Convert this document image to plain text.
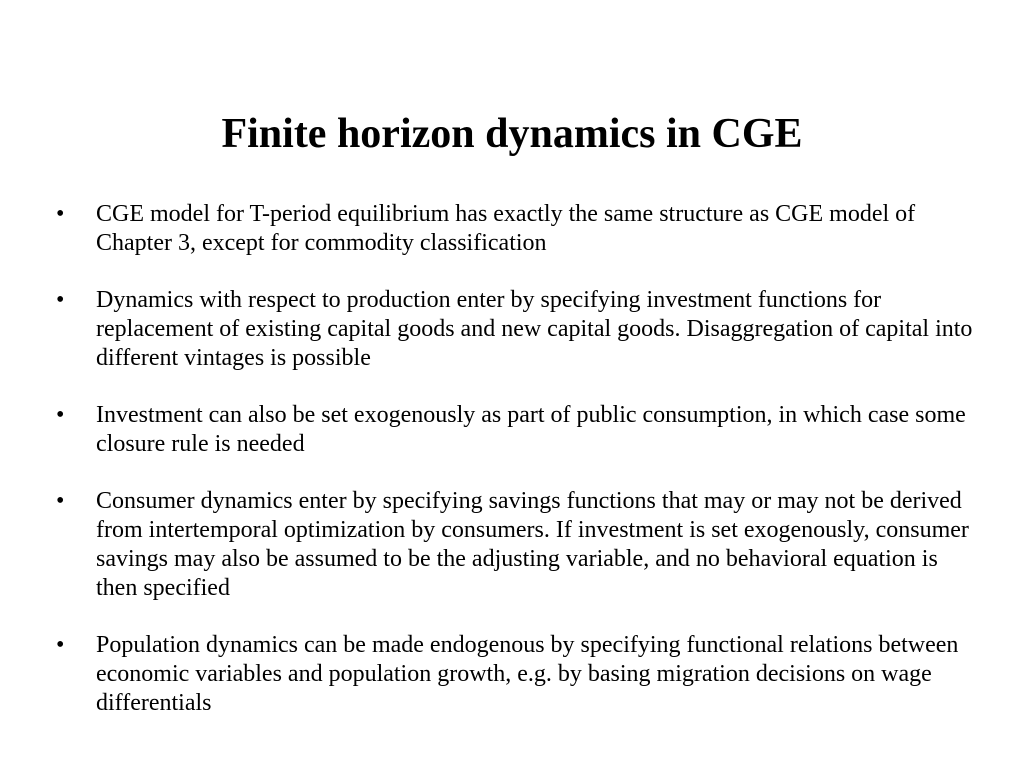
Finite horizon dynamics in CGE
•	CGE model for T-period equilibrium has exactly the same structure as CGE model of Chapter 3, except for commodity classification
•	Dynamics with respect to production enter by specifying investment functions for replacement of existing capital goods and new capital goods. Disaggregation of capital into different vintages is possible
•	Investment can also be set exogenously as part of public consumption, in which case some closure rule is needed
•	Consumer dynamics enter by specifying savings functions that may or may not be derived from intertemporal optimization by consumers. If investment is set exogenously, consumer savings may also be assumed to be the adjusting variable, and no behavioral equation is then specified
•	Population dynamics can be made endogenous by specifying functional relations between economic variables and population growth, e.g. by basing migration decisions on wage differentials
